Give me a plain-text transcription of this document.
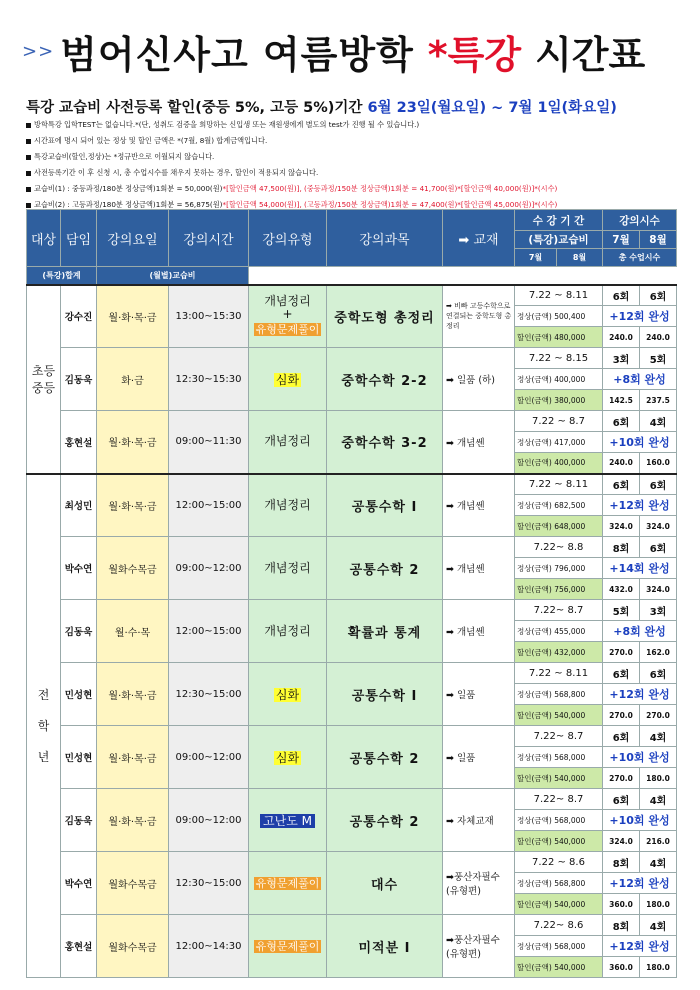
>> 범어신사고 여름방학 *특강 시간표
특강 교습비 사전등록 할인(중등 5%, 고등 5%)기간 6월 23일(월요일) ~ 7월 1일(화요일)
방학특강 입학TEST는 없습니다.*(단, 성취도 검증을 희망하는 신입생 또는 재원생에게 별도의 test가 진행 될 수 있습니다.)
시간표에 명시 되어 있는 정상 및 할인 금액은 *(7월, 8월) 합계금액입니다.
특강교습비(할인,정상)는 *정규반으로 이월되지 않습니다.
사전등록기간 이 후 신청 시, 총 수업시수를 채우지 못하는 경우, 할인이 적용되지 않습니다.
교습비(1) : 중등과정/180분 정상금액)1회분 = 50,000(원)*[할인금액 47,500(원)], (중등과정/150분 정상금액)1회분 = 41,700(원)*[할인금액 40,000(원)]*(시수)
교습비(2) : 고등과정/180분 정상금액)1회분 = 56,875(원)*[할인금액 54,000(원)], (고등과정/150분 정상금액)1회분 = 47,400(원)*[할인금액 45,000(원)]*(시수)
대상	담임	강의요일	강의시간	강의유형	강의과목	➡ 교재	수 강 기 간		강의시수	
							(특강)교습비		7월	8월
							7월	8월	총 수업시수	
(특강)합계		(월별)교습비								
초등
중등	강수진	월·화·목·금	13:00~15:30	개념정리
+
유형문제풀이	중학도형 총정리	➡ 비빠 고등수학으로 연결되는 중학도형 총정리	7.22 ~ 8.11		6회	6회
							정상(금액) 500,400		+12회 완성	
							할인(금액) 480,000		240.0	240.0
	김동욱	화·금	12:30~15:30	심화	중학수학 2-2	➡ 일품 (하)	7.22 ~ 8.15		3회	5회
							정상(금액) 400,000		+8회 완성	
							할인(금액) 380,000		142.5	237.5
	홍현설	월·화·목·금	09:00~11:30	개념정리	중학수학 3-2	➡ 개념쎈	7.22 ~ 8.7		6회	4회
							정상(금액) 417,000		+10회 완성	
							할인(금액) 400,000		240.0	160.0

전
학
년	최성민	월·화·목·금	12:00~15:00	개념정리	공통수학 I	➡ 개념쎈	7.22 ~ 8.11		6회	6회
							정상(금액) 682,500		+12회 완성	
							할인(금액) 648,000		324.0	324.0
	박수연	월화수목금	09:00~12:00	개념정리	공통수학 2	➡ 개념쎈	7.22~ 8.8		8회	6회
							정상(금액) 796,000		+14회 완성	
							할인(금액) 756,000		432.0	324.0
	김동욱	월·수·목	12:00~15:00	개념정리	확률과 통계	➡ 개념쎈	7.22~ 8.7		5회	3회
							정상(금액) 455,000		+8회 완성	
							할인(금액) 432,000		270.0	162.0
	민성현	월·화·목·금	12:30~15:00	심화	공통수학 I	➡ 일품	7.22 ~ 8.11		6회	6회
							정상(금액) 568,800		+12회 완성	
							할인(금액) 540,000		270.0	270.0
	민성현	월·화·목·금	09:00~12:00	심화	공통수학 2	➡ 일품	7.22~ 8.7		6회	4회
							정상(금액) 568,000		+10회 완성	
							할인(금액) 540,000		270.0	180.0
	김동욱	월·화·목·금	09:00~12:00	고난도 M	공통수학 2	➡ 자체교재	7.22~ 8.7		6회	4회
							정상(금액) 568,000		+10회 완성	
							할인(금액) 540,000		324.0	216.0
	박수연	월화수목금	12:30~15:00	유형문제풀이	대수	➡풍산자필수 (유형편)	7.22 ~ 8.6		8회	4회
							정상(금액) 568,800		+12회 완성	
							할인(금액) 540,000		360.0	180.0
	홍현설	월화수목금	12:00~14:30	유형문제풀이	미적분 I	➡풍산자필수 (유형편)	7.22~ 8.6		8회	4회
							정상(금액) 568,000		+12회 완성	
							할인(금액) 540,000		360.0	180.0
